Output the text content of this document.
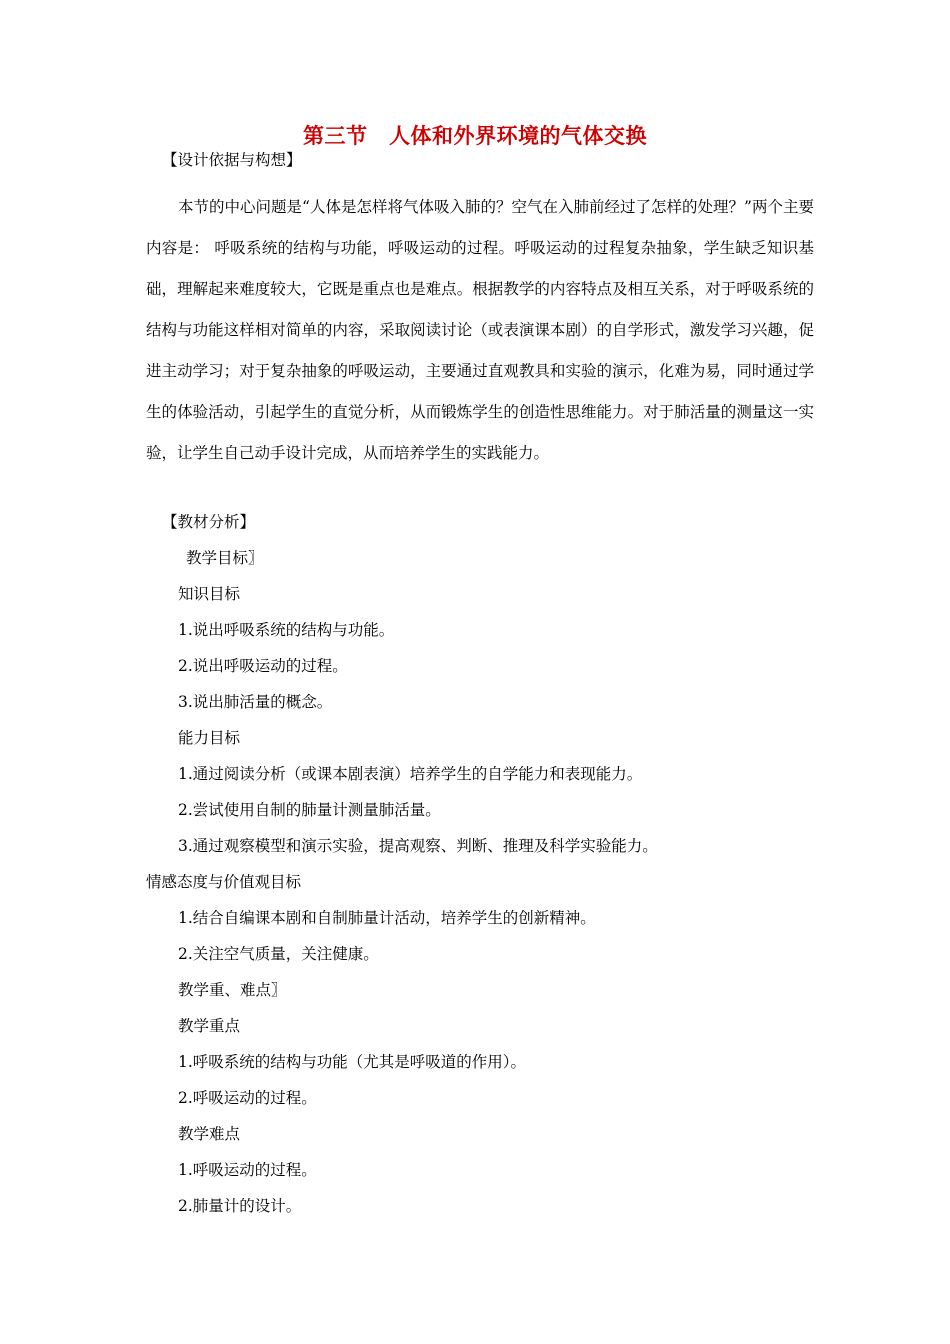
第三节　人体和外界环境的气体交换
【设计依据与构想】

本节的中心问题是“人体是怎样将气体吸入肺的？空气在入肺前经过了怎样的处理？”两个主要内容是： 呼吸系统的结构与功能，呼吸运动的过程。呼吸运动的过程复杂抽象，学生缺乏知识基础，理解起来难度较大，它既是重点也是难点。根据教学的内容特点及相互关系，对于呼吸系统的结构与功能这样相对简单的内容，采取阅读讨论（或表演课本剧）的自学形式，激发学习兴趣，促进主动学习；对于复杂抽象的呼吸运动，主要通过直观教具和实验的演示，化难为易，同时通过学生的体验活动，引起学生的直觉分析，从而锻炼学生的创造性思维能力。对于肺活量的测量这一实验，让学生自己动手设计完成，从而培养学生的实践能力。

【教材分析】
教学目标〗
知识目标
1.说出呼吸系统的结构与功能。
2.说出呼吸运动的过程。
3.说出肺活量的概念。
能力目标
1.通过阅读分析（或课本剧表演）培养学生的自学能力和表现能力。
2.尝试使用自制的肺量计测量肺活量。
3.通过观察模型和演示实验，提高观察、判断、推理及科学实验能力。
情感态度与价值观目标
1.结合自编课本剧和自制肺量计活动，培养学生的创新精神。
2.关注空气质量，关注健康。
教学重、难点〗
教学重点
1.呼吸系统的结构与功能（尤其是呼吸道的作用）。
2.呼吸运动的过程。
教学难点
1.呼吸运动的过程。
2.肺量计的设计。
